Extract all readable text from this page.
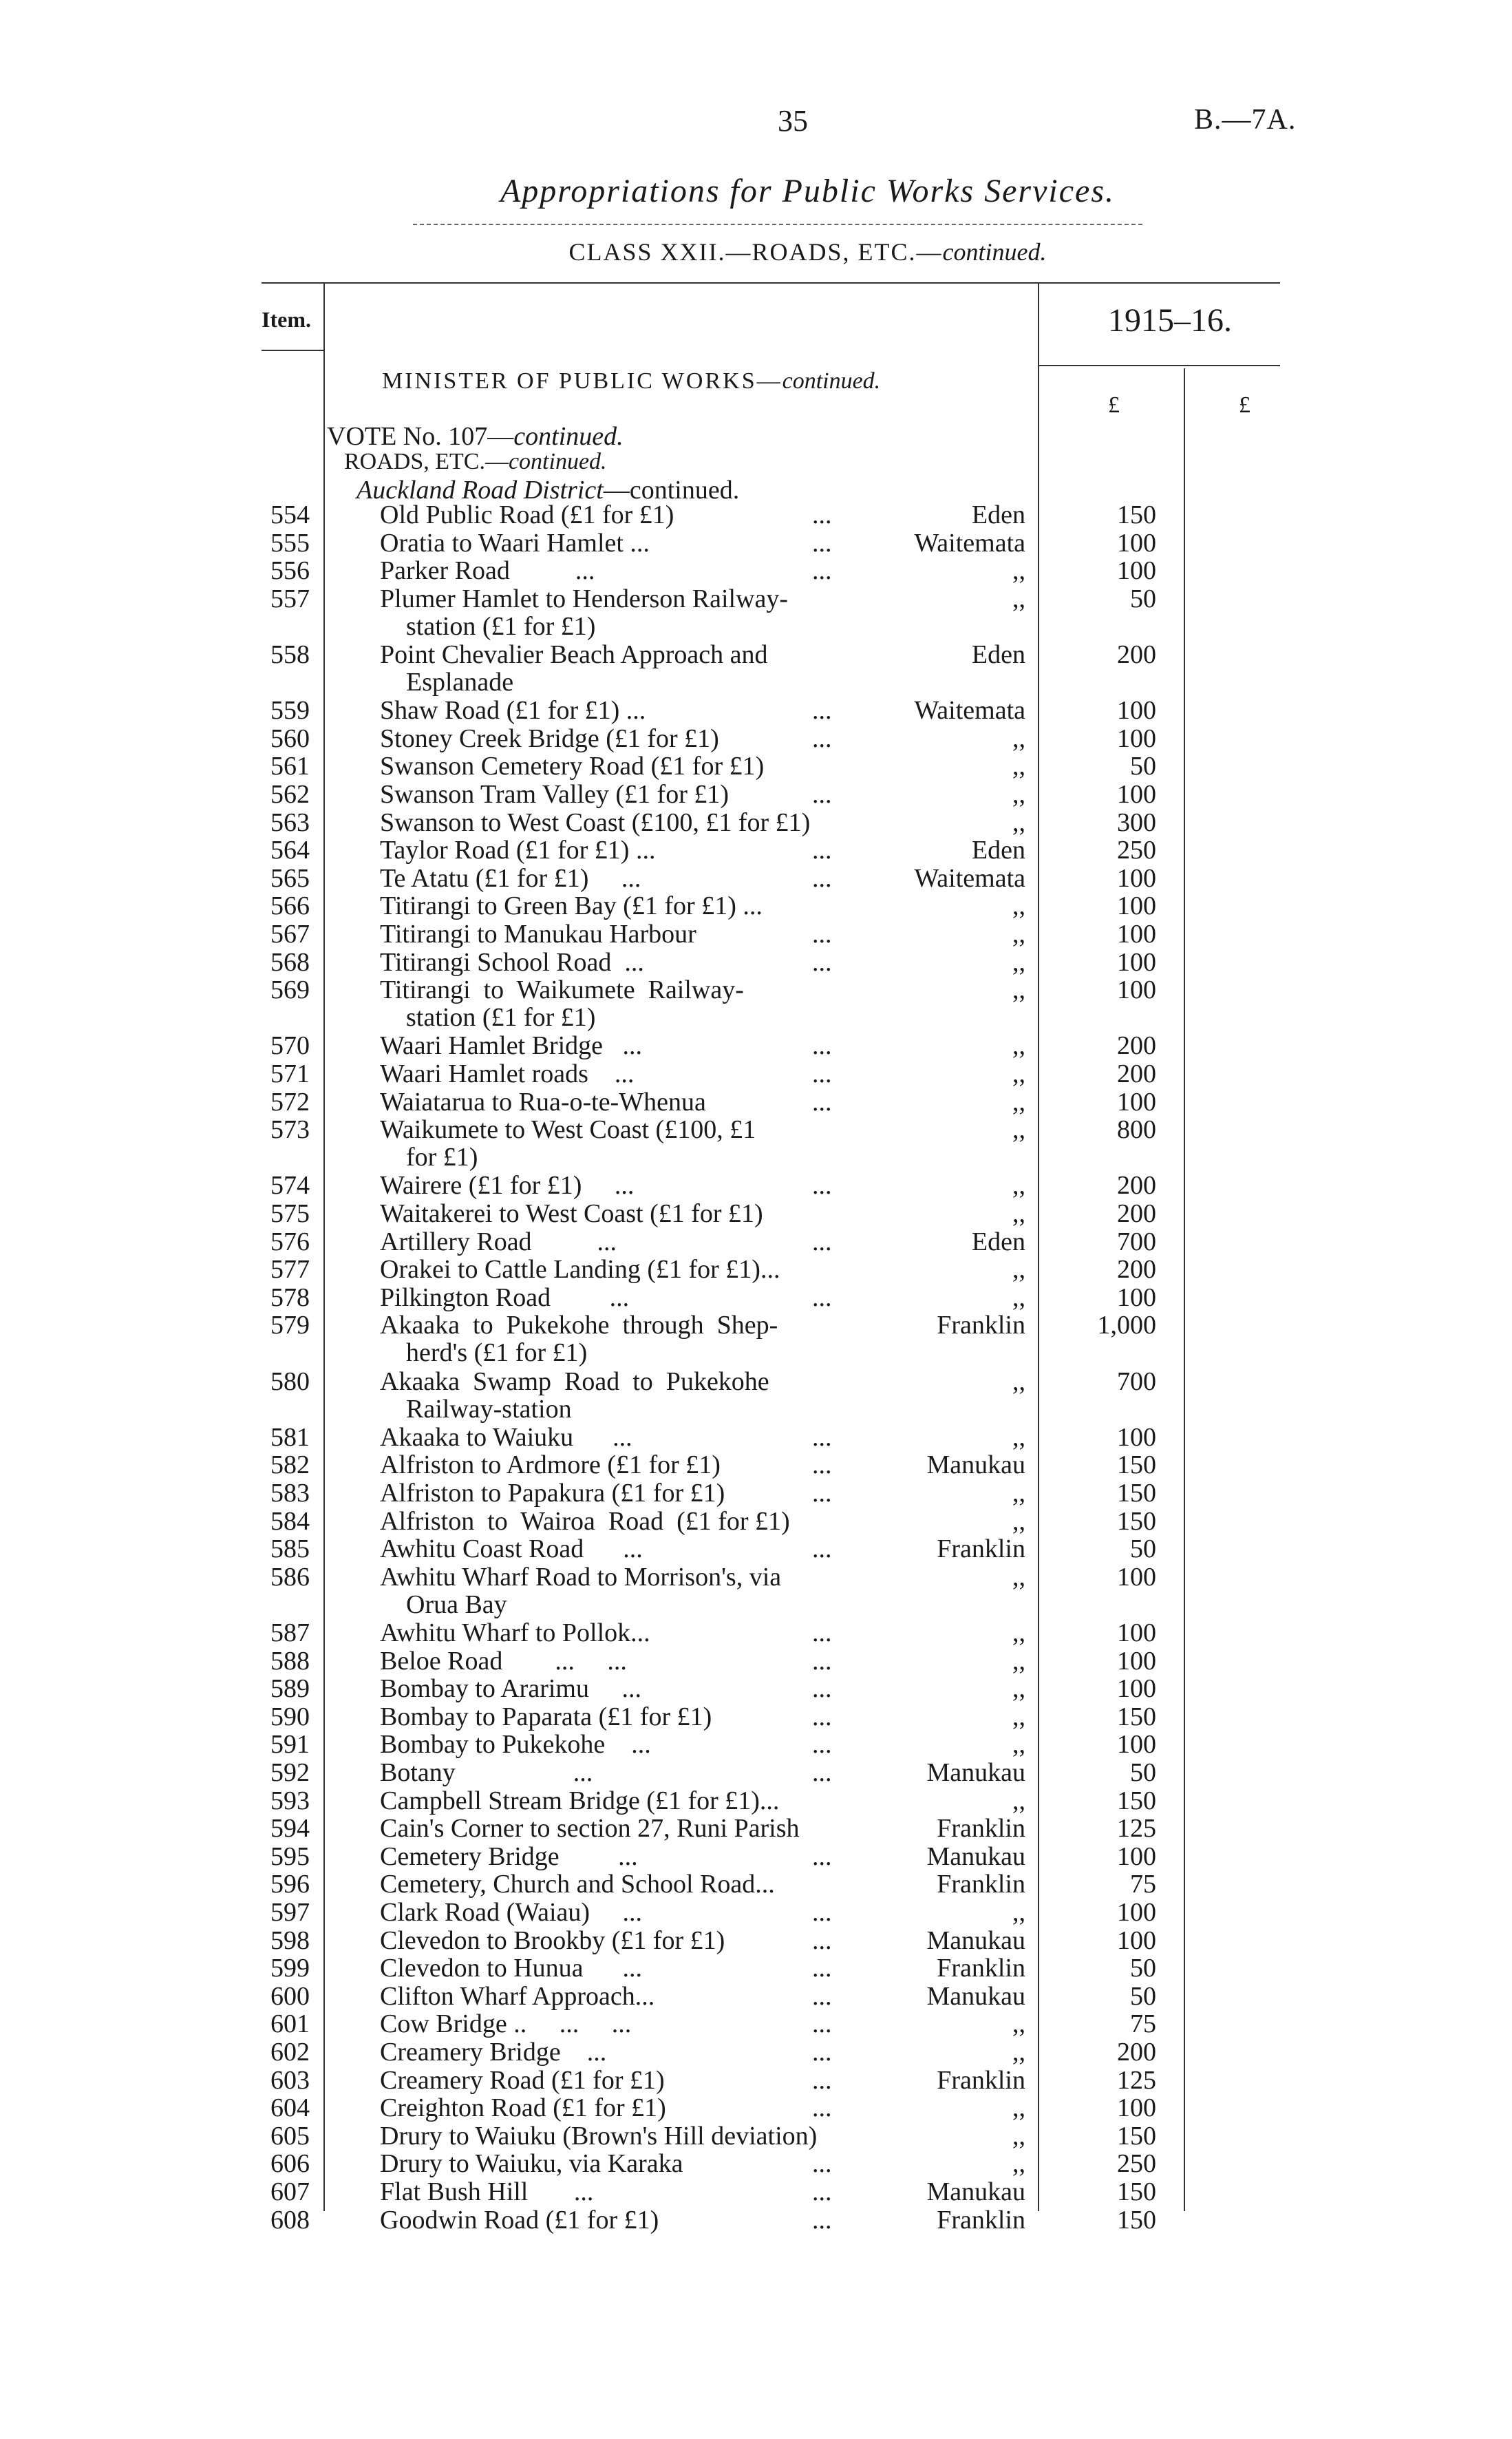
35	B.—7A.
Appropriations for Public Works Services.
CLASS XXII.—ROADS, ETC.—continued.
Item.	1915–16.
£	£
MINISTER OF PUBLIC WORKS—continued.
VOTE No. 107—continued.
ROADS, ETC.—continued.
Auckland Road District—continued.
554	Old Public Road (£1 for £1)	...	Eden	150
555	Oratia to Waari Hamlet ...	...	Waitemata	100
556	Parker Road          ...	...	,,	100
557	Plumer Hamlet to Henderson Railway-	,,	50
station (£1 for £1)
558	Point Chevalier Beach Approach and	Eden	200
Esplanade
559	Shaw Road (£1 for £1) ...	...	Waitemata	100
560	Stoney Creek Bridge (£1 for £1)	...	,,	100
561	Swanson Cemetery Road (£1 for £1)	,,	50
562	Swanson Tram Valley (£1 for £1)	...	,,	100
563	Swanson to West Coast (£100, £1 for £1)	,,	300
564	Taylor Road (£1 for £1) ...	...	Eden	250
565	Te Atatu (£1 for £1)     ...	...	Waitemata	100
566	Titirangi to Green Bay (£1 for £1) ...	,,	100
567	Titirangi to Manukau Harbour	...	,,	100
568	Titirangi School Road  ...	...	,,	100
569	Titirangi  to  Waikumete  Railway-	,,	100
station (£1 for £1)
570	Waari Hamlet Bridge   ...	...	,,	200
571	Waari Hamlet roads    ...	...	,,	200
572	Waiatarua to Rua-o-te-Whenua	...	,,	100
573	Waikumete to West Coast (£100, £1	,,	800
for £1)
574	Wairere (£1 for £1)     ...	...	,,	200
575	Waitakerei to West Coast (£1 for £1)	,,	200
576	Artillery Road          ...	...	Eden	700
577	Orakei to Cattle Landing (£1 for £1)...	,,	200
578	Pilkington Road         ...	...	,,	100
579	Akaaka  to  Pukekohe  through  Shep-	Franklin	1,000
herd's (£1 for £1)
580	Akaaka  Swamp  Road  to  Pukekohe	,,	700
Railway-station
581	Akaaka to Waiuku      ...	...	,,	100
582	Alfriston to Ardmore (£1 for £1)	...	Manukau	150
583	Alfriston to Papakura (£1 for £1)	...	,,	150
584	Alfriston  to  Wairoa  Road  (£1 for £1)	,,	150
585	Awhitu Coast Road      ...	...	Franklin	50
586	Awhitu Wharf Road to Morrison's, via	,,	100
Orua Bay
587	Awhitu Wharf to Pollok...	...	,,	100
588	Beloe Road        ...     ...	...	,,	100
589	Bombay to Ararimu     ...	...	,,	100
590	Bombay to Paparata (£1 for £1)	...	,,	150
591	Bombay to Pukekohe    ...	...	,,	100
592	Botany                  ...	...	Manukau	50
593	Campbell Stream Bridge (£1 for £1)...	,,	150
594	Cain's Corner to section 27, Runi Parish	Franklin	125
595	Cemetery Bridge         ...	...	Manukau	100
596	Cemetery, Church and School Road...	Franklin	75
597	Clark Road (Waiau)     ...	...	,,	100
598	Clevedon to Brookby (£1 for £1)	...	Manukau	100
599	Clevedon to Hunua      ...	...	Franklin	50
600	Clifton Wharf Approach...	...	Manukau	50
601	Cow Bridge ..     ...     ...	...	,,	75
602	Creamery Bridge    ...	...	,,	200
603	Creamery Road (£1 for £1)	...	Franklin	125
604	Creighton Road (£1 for £1)	...	,,	100
605	Drury to Waiuku (Brown's Hill deviation)	,,	150
606	Drury to Waiuku, via Karaka	...	,,	250
607	Flat Bush Hill       ...	...	Manukau	150
608	Goodwin Road (£1 for £1)	...	Franklin	150
